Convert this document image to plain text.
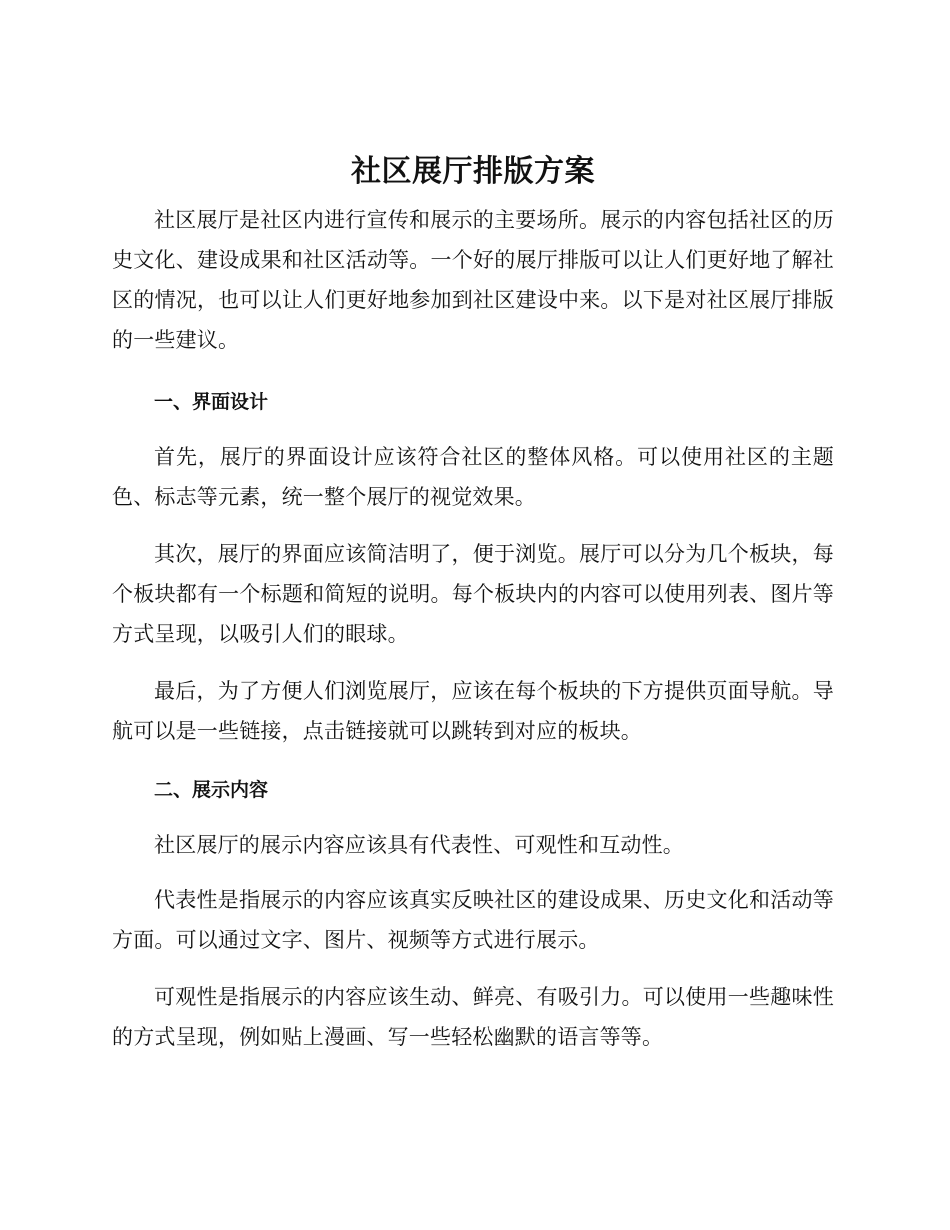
社区展厅排版方案

社区展厅是社区内进行宣传和展示的主要场所。展示的内容包括社区的历史文化、建设成果和社区活动等。一个好的展厅排版可以让人们更好地了解社区的情况，也可以让人们更好地参加到社区建设中来。以下是对社区展厅排版的一些建议。

一、界面设计

首先，展厅的界面设计应该符合社区的整体风格。可以使用社区的主题色、标志等元素，统一整个展厅的视觉效果。

其次，展厅的界面应该简洁明了，便于浏览。展厅可以分为几个板块，每个板块都有一个标题和简短的说明。每个板块内的内容可以使用列表、图片等方式呈现，以吸引人们的眼球。

最后，为了方便人们浏览展厅，应该在每个板块的下方提供页面导航。导航可以是一些链接，点击链接就可以跳转到对应的板块。

二、展示内容

社区展厅的展示内容应该具有代表性、可观性和互动性。

代表性是指展示的内容应该真实反映社区的建设成果、历史文化和活动等方面。可以通过文字、图片、视频等方式进行展示。

可观性是指展示的内容应该生动、鲜亮、有吸引力。可以使用一些趣味性的方式呈现，例如贴上漫画、写一些轻松幽默的语言等等。
